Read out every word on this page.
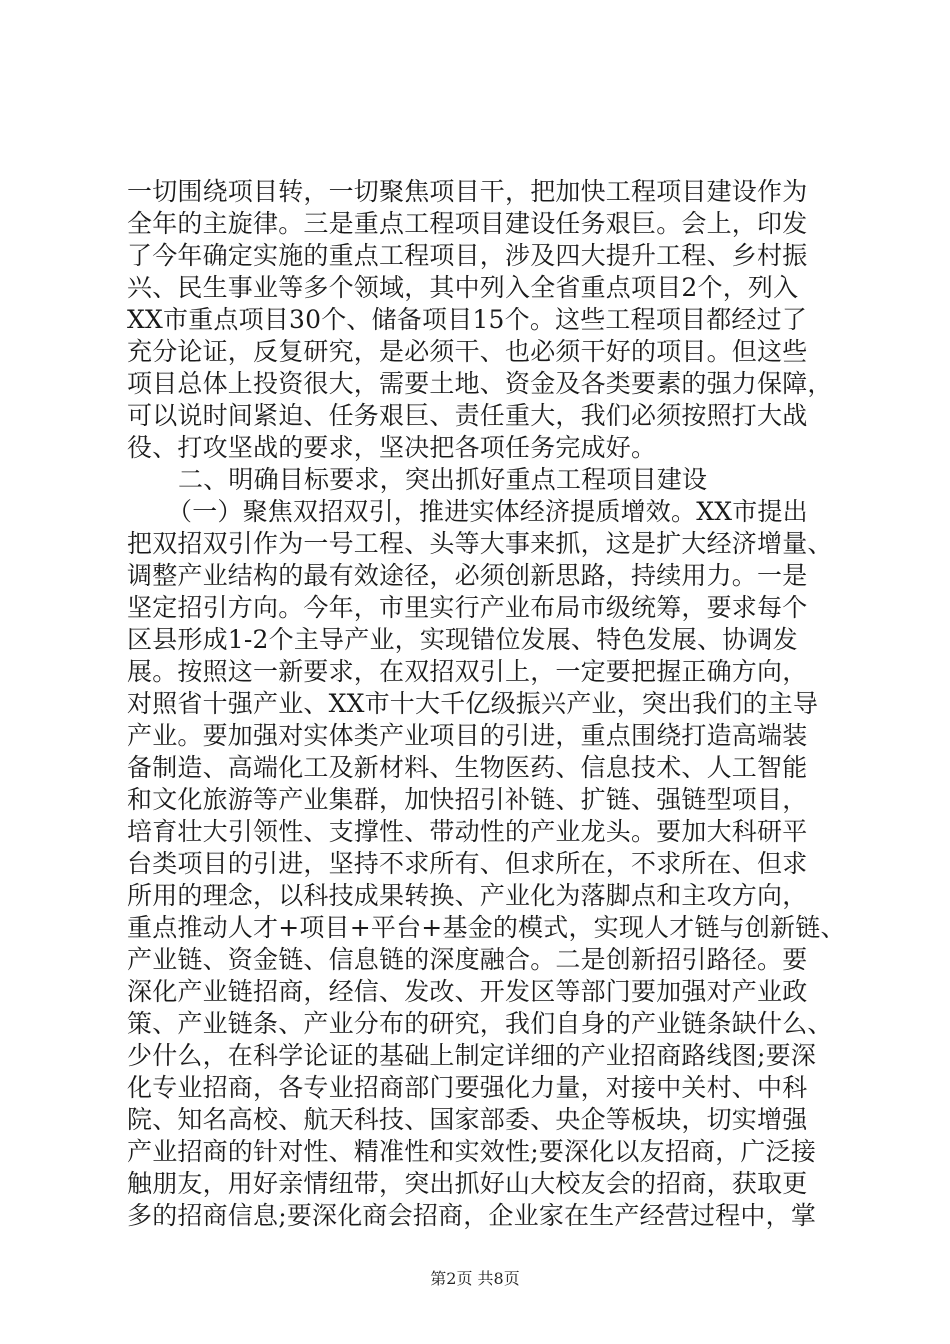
一切围绕项目转，一切聚焦项目干，把加快工程项目建设作为
全年的主旋律。三是重点工程项目建设任务艰巨。会上，印发
了今年确定实施的重点工程项目，涉及四大提升工程、乡村振
兴、民生事业等多个领域，其中列入全省重点项目2个，列入
XX市重点项目30个、储备项目15个。这些工程项目都经过了
充分论证，反复研究，是必须干、也必须干好的项目。但这些
项目总体上投资很大，需要土地、资金及各类要素的强力保障，
可以说时间紧迫、任务艰巨、责任重大，我们必须按照打大战
役、打攻坚战的要求，坚决把各项任务完成好。
二、明确目标要求，突出抓好重点工程项目建设
（一）聚焦双招双引，推进实体经济提质增效。XX市提出
把双招双引作为一号工程、头等大事来抓，这是扩大经济增量、
调整产业结构的最有效途径，必须创新思路，持续用力。一是
坚定招引方向。今年，市里实行产业布局市级统筹，要求每个
区县形成1-2个主导产业，实现错位发展、特色发展、协调发
展。按照这一新要求，在双招双引上，一定要把握正确方向，
对照省十强产业、XX市十大千亿级振兴产业，突出我们的主导
产业。要加强对实体类产业项目的引进，重点围绕打造高端装
备制造、高端化工及新材料、生物医药、信息技术、人工智能
和文化旅游等产业集群，加快招引补链、扩链、强链型项目，
培育壮大引领性、支撑性、带动性的产业龙头。要加大科研平
台类项目的引进，坚持不求所有、但求所在，不求所在、但求
所用的理念，以科技成果转换、产业化为落脚点和主攻方向，
重点推动人才+项目+平台+基金的模式，实现人才链与创新链、
产业链、资金链、信息链的深度融合。二是创新招引路径。要
深化产业链招商，经信、发改、开发区等部门要加强对产业政
策、产业链条、产业分布的研究，我们自身的产业链条缺什么、
少什么，在科学论证的基础上制定详细的产业招商路线图;要深
化专业招商，各专业招商部门要强化力量，对接中关村、中科
院、知名高校、航天科技、国家部委、央企等板块，切实增强
产业招商的针对性、精准性和实效性;要深化以友招商，广泛接
触朋友，用好亲情纽带，突出抓好山大校友会的招商，获取更
多的招商信息;要深化商会招商，企业家在生产经营过程中，掌
第2页 共8页
